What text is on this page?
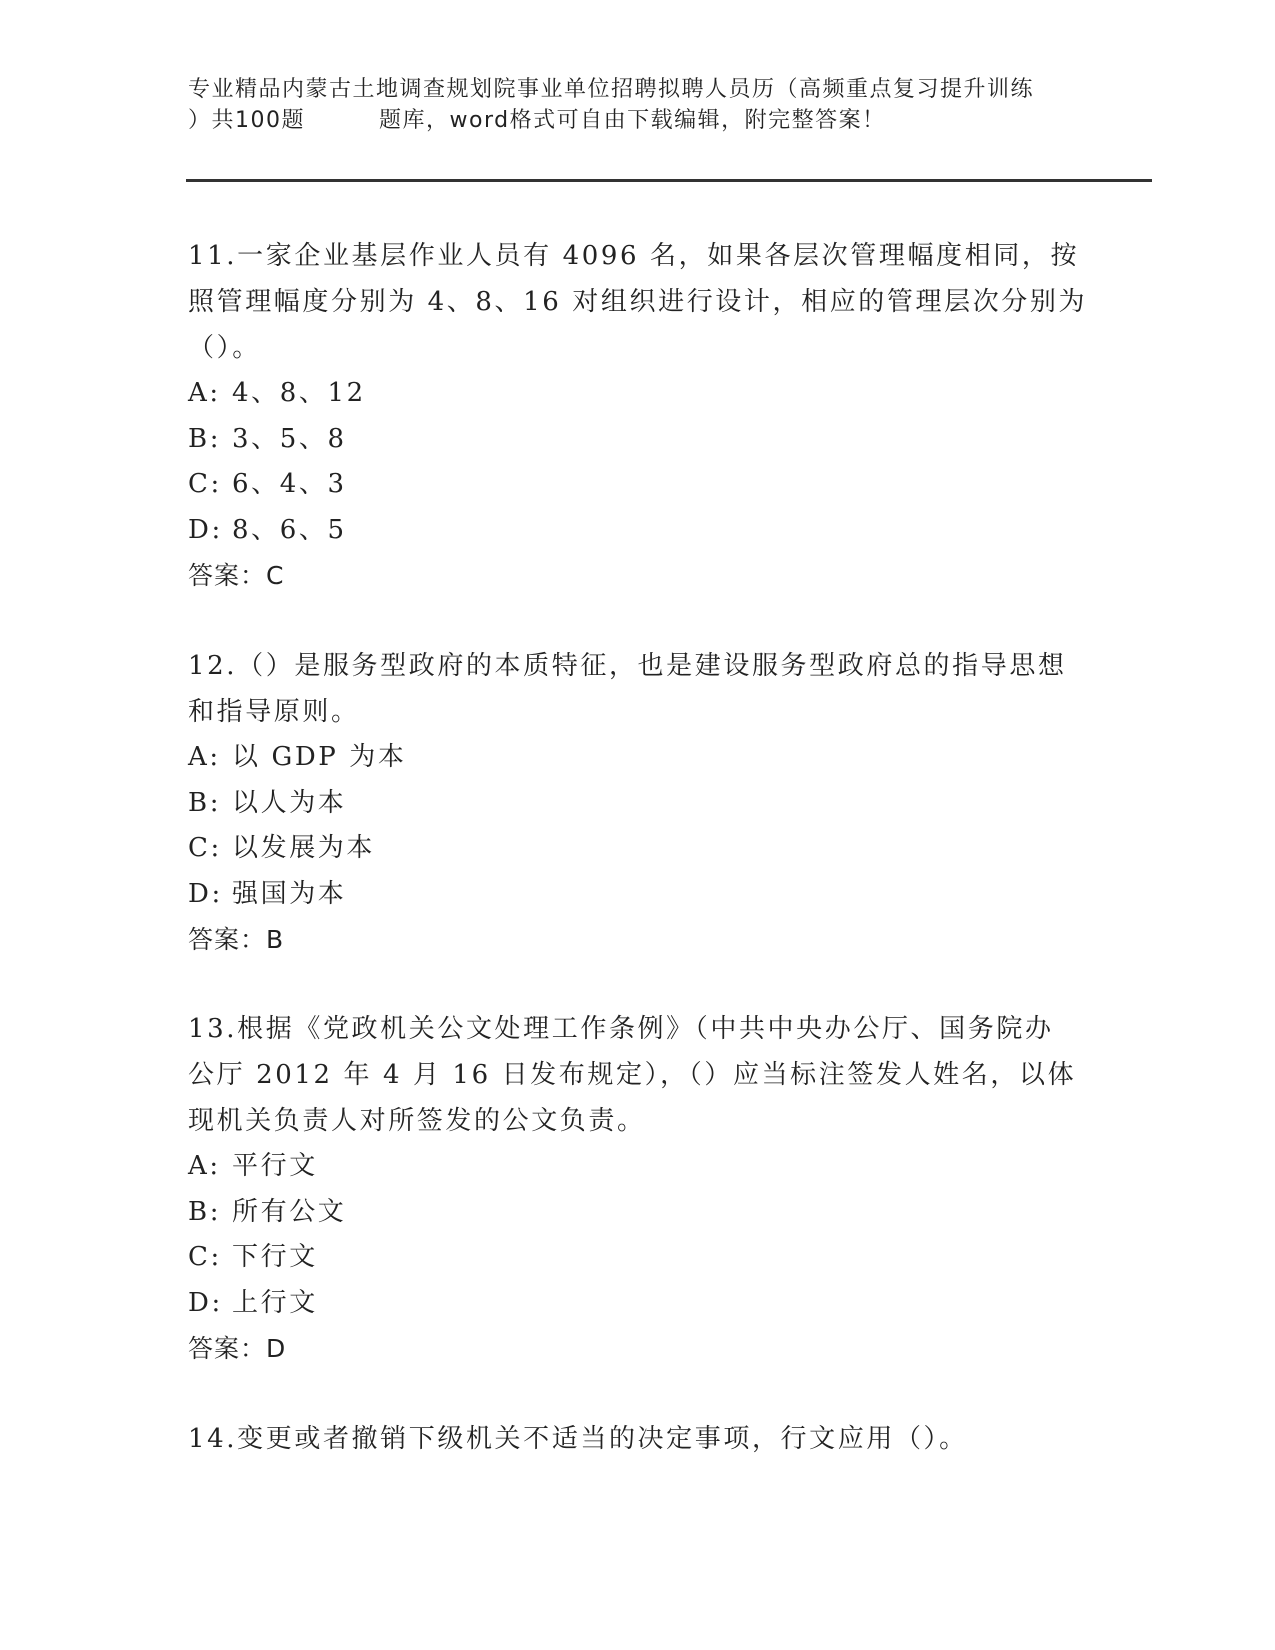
专业精品内蒙古土地调查规划院事业单位招聘拟聘人员历（高频重点复习提升训练
）共100题	题库，word格式可自由下载编辑，附完整答案！
11.一家企业基层作业人员有 4096 名，如果各层次管理幅度相同，按
照管理幅度分别为 4、8、16 对组织进行设计，相应的管理层次分别为
（）。
A: 4、8、12
B: 3、5、8
C: 6、4、3
D: 8、6、5
答案：C
12.（）是服务型政府的本质特征，也是建设服务型政府总的指导思想
和指导原则。
A: 以 GDP 为本
B: 以人为本
C: 以发展为本
D: 强国为本
答案：B
13.根据《党政机关公文处理工作条例》（中共中央办公厅、国务院办
公厅 2012 年 4 月 16 日发布规定），（）应当标注签发人姓名，以体
现机关负责人对所签发的公文负责。
A: 平行文
B: 所有公文
C: 下行文
D: 上行文
答案：D
14.变更或者撤销下级机关不适当的决定事项，行文应用（）。
